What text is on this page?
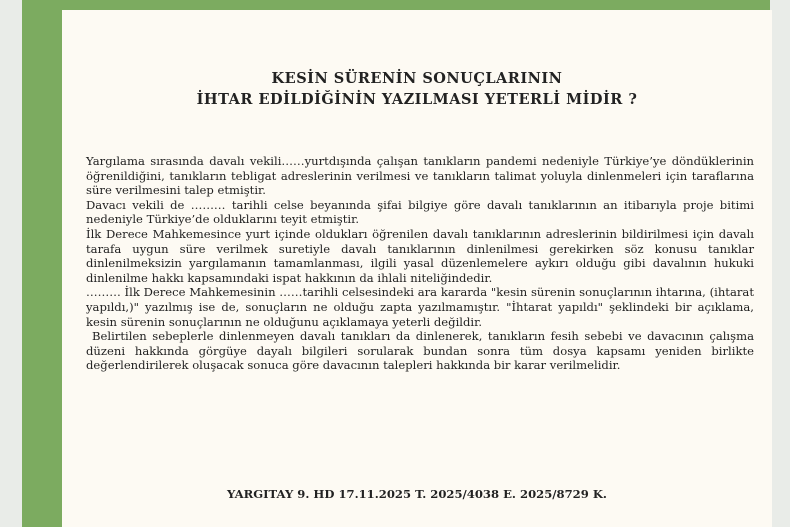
KESİN SÜRENİN SONUÇLARININ
İHTAR EDİLDİĞİNİN YAZILMASI YETERLİ MİDİR ?

Yargılama sırasında davalı vekili……yurtdışında çalışan tanıkların pandemi nedeniyle Türkiye’ye döndüklerinin öğrenildiğini, tanıkların tebligat adreslerinin verilmesi ve tanıkların talimat yoluyla dinlenmeleri için taraflarına süre verilmesini talep etmiştir.

Davacı vekili de ……… tarihli celse beyanında şifai bilgiye göre davalı tanıklarının an itibarıyla proje bitimi nedeniyle Türkiye’de olduklarını teyit etmiştir.

İlk Derece Mahkemesince yurt içinde oldukları öğrenilen davalı tanıklarının adreslerinin bildirilmesi için davalı tarafa uygun süre verilmek suretiyle davalı tanıklarının dinlenilmesi gerekirken söz konusu tanıklar dinlenilmeksizin yargılamanın tamamlanması, ilgili yasal düzenlemelere aykırı olduğu gibi davalının hukuki dinlenilme hakkı kapsamındaki ispat hakkının da ihlali niteliğindedir.

……… İlk Derece Mahkemesinin ……tarihli celsesindeki ara kararda "kesin sürenin sonuçlarının ihtarına, (ihtarat yapıldı,)" yazılmış ise de, sonuçların ne olduğu zapta yazılmamıştır. "İhtarat yapıldı" şeklindeki bir açıklama, kesin sürenin sonuçlarının ne olduğunu açıklamaya yeterli değildir.

Belirtilen sebeplerle dinlenmeyen davalı tanıkları da dinlenerek, tanıkların fesih sebebi ve davacının çalışma düzeni hakkında görgüye dayalı bilgileri sorularak bundan sonra tüm dosya kapsamı yeniden birlikte değerlendirilerek oluşacak sonuca göre davacının talepleri hakkında bir karar verilmelidir.

YARGITAY 9. HD 17.11.2025 T. 2025/4038 E. 2025/8729 K.
